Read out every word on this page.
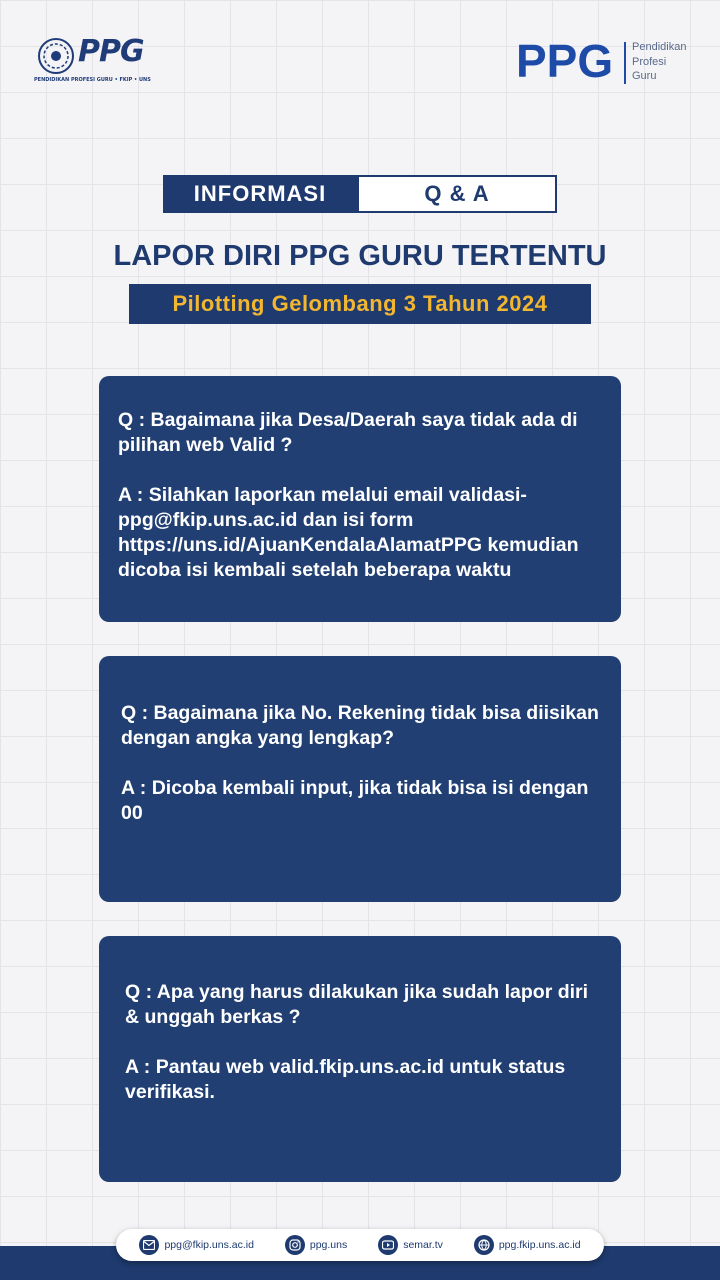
PPG
PENDIDIKAN PROFESI GURU • FKIP • UNS	PPG Pendidikan
Profesi
Guru
INFORMASI	Q & A
LAPOR DIRI PPG GURU TERTENTU
Pilotting Gelombang 3 Tahun 2024
Q : Bagaimana jika Desa/Daerah saya tidak ada di pilihan web Valid ?
A : Silahkan laporkan melalui email validasi-ppg@fkip.uns.ac.id dan isi form https://uns.id/AjuanKendalaAlamatPPG kemudian dicoba isi kembali setelah beberapa waktu
Q : Bagaimana jika No. Rekening tidak bisa diisikan dengan angka yang lengkap?
A : Dicoba kembali input, jika tidak bisa isi dengan 00
Q : Apa yang harus dilakukan jika sudah lapor diri & unggah berkas ?
A : Pantau web valid.fkip.uns.ac.id untuk status verifikasi.
ppg@fkip.uns.ac.id	ppg.uns	semar.tv	ppg.fkip.uns.ac.id
